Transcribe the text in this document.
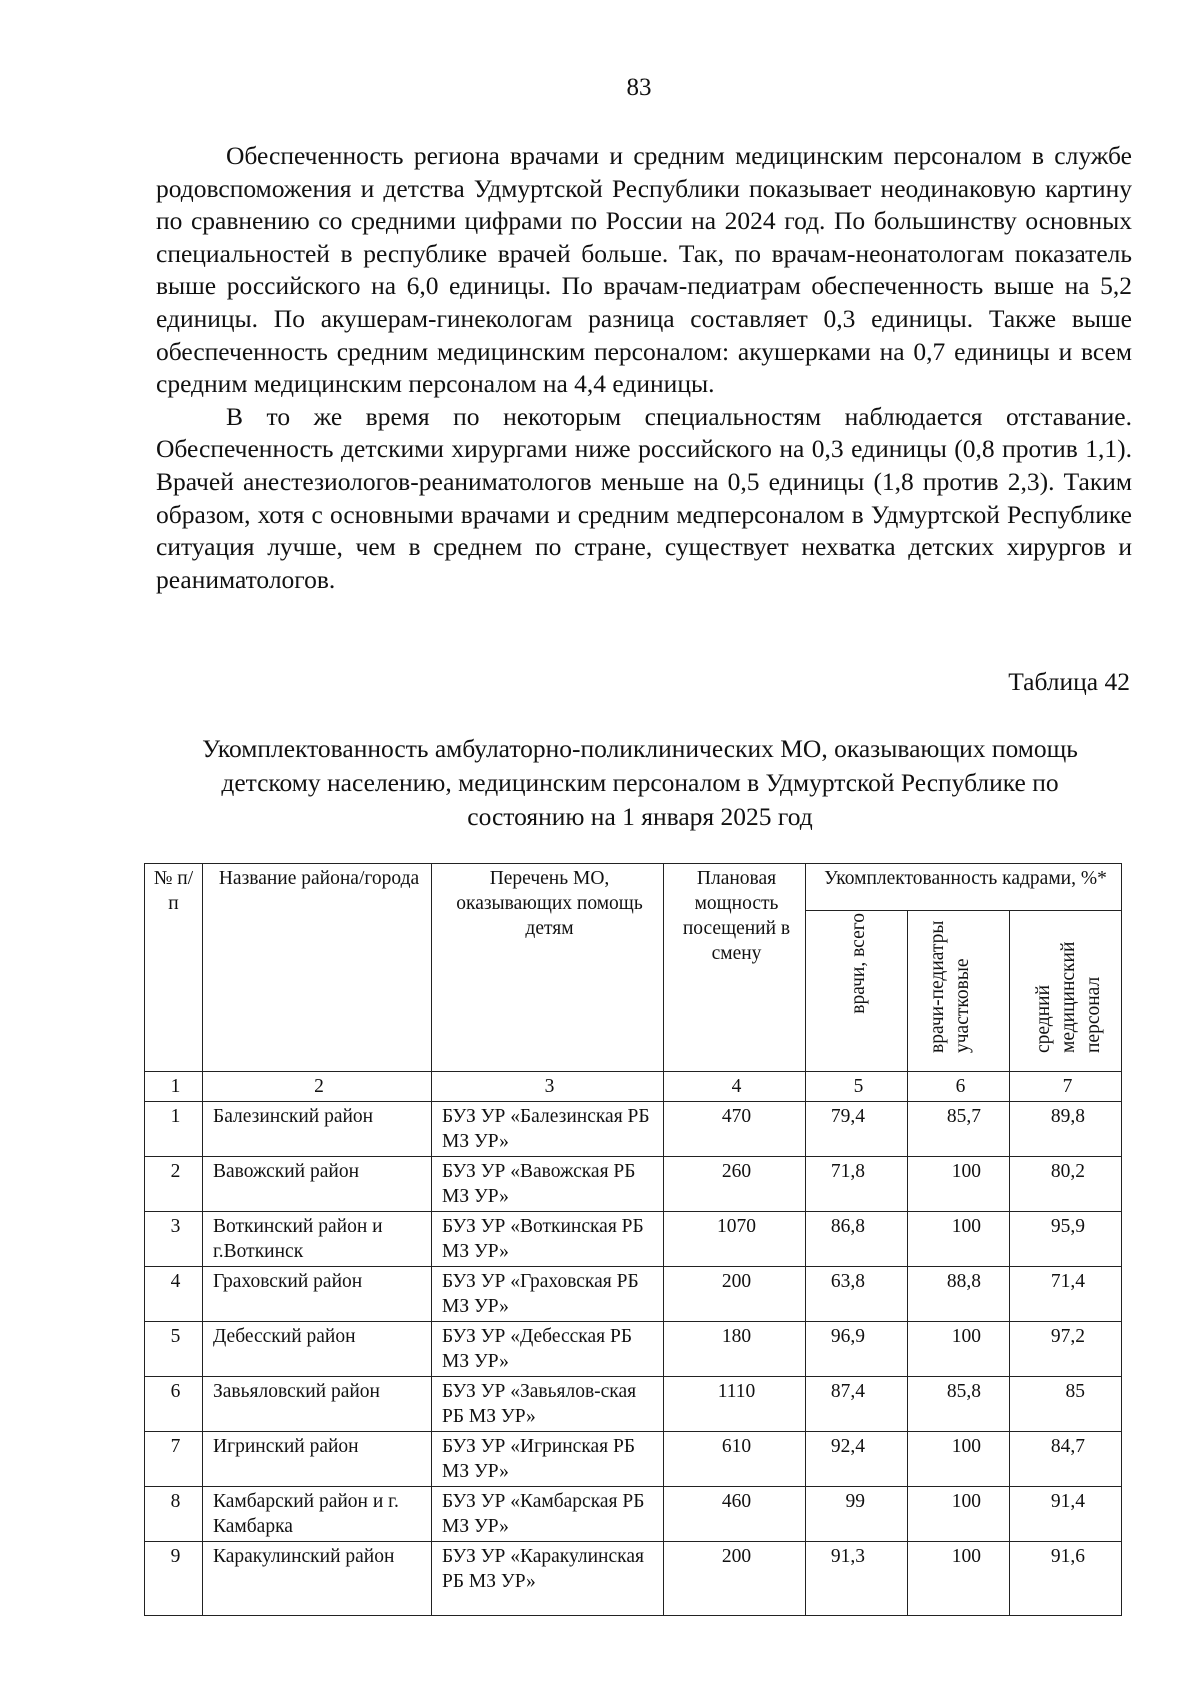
83

Обеспеченность региона врачами и средним медицинским персоналом в службе родовспоможения и детства Удмуртской Республики показывает неодинаковую картину по сравнению со средними цифрами по России на 2024 год. По большинству основных специальностей в республике врачей больше. Так, по врачам-неонатологам показатель выше российского на 6,0 единицы. По врачам-педиатрам обеспеченность выше на 5,2 единицы. По акушерам-гинекологам разница составляет 0,3 единицы. Также выше обеспеченность средним медицинским персоналом: акушерками на 0,7 единицы и всем средним медицинским персоналом на 4,4 единицы.

В то же время по некоторым специальностям наблюдается отставание. Обеспеченность детскими хирургами ниже российского на 0,3 единицы (0,8 против 1,1). Врачей анестезиологов-реаниматологов меньше на 0,5 единицы (1,8 против 2,3). Таким образом, хотя с основными врачами и средним медперсоналом в Удмуртской Республике ситуация лучше, чем в среднем по стране, существует нехватка детских хирургов и реаниматологов.

Таблица 42
Укомплектованность амбулаторно-поликлинических МО, оказывающих помощь детскому населению, медицинским персоналом в Удмуртской Республике по состоянию на 1 января 2025 год
№ п/п	Название района/города	Перечень МО, оказывающих помощь детям	Плановая мощность посещений в смену	Укомплектованность кадрами, %*		
				врачи, всего	врачи-педиатры участковые	средний медицинский персонал
1	2	3	4	5	6	7
1	Балезинский район	БУЗ УР «Балезинская РБ МЗ УР»	470	79,4	85,7	89,8
2	Вавожский район	БУЗ УР «Вавожская РБ МЗ УР»	260	71,8	100	80,2
3	Воткинский район и г.Воткинск	БУЗ УР «Воткинская РБ МЗ УР»	1070	86,8	100	95,9
4	Граховский район	БУЗ УР «Граховская РБ МЗ УР»	200	63,8	88,8	71,4
5	Дебесский район	БУЗ УР «Дебесская РБ МЗ УР»	180	96,9	100	97,2
6	Завьяловский район	БУЗ УР «Завьялов-ская РБ МЗ УР»	1110	87,4	85,8	85
7	Игринский район	БУЗ УР «Игринская РБ МЗ УР»	610	92,4	100	84,7
8	Камбарский район и г. Камбарка	БУЗ УР «Камбарская РБ МЗ УР»	460	99	100	91,4
9	Каракулинский район	БУЗ УР «Каракулинская РБ МЗ УР»	200	91,3	100	91,6
